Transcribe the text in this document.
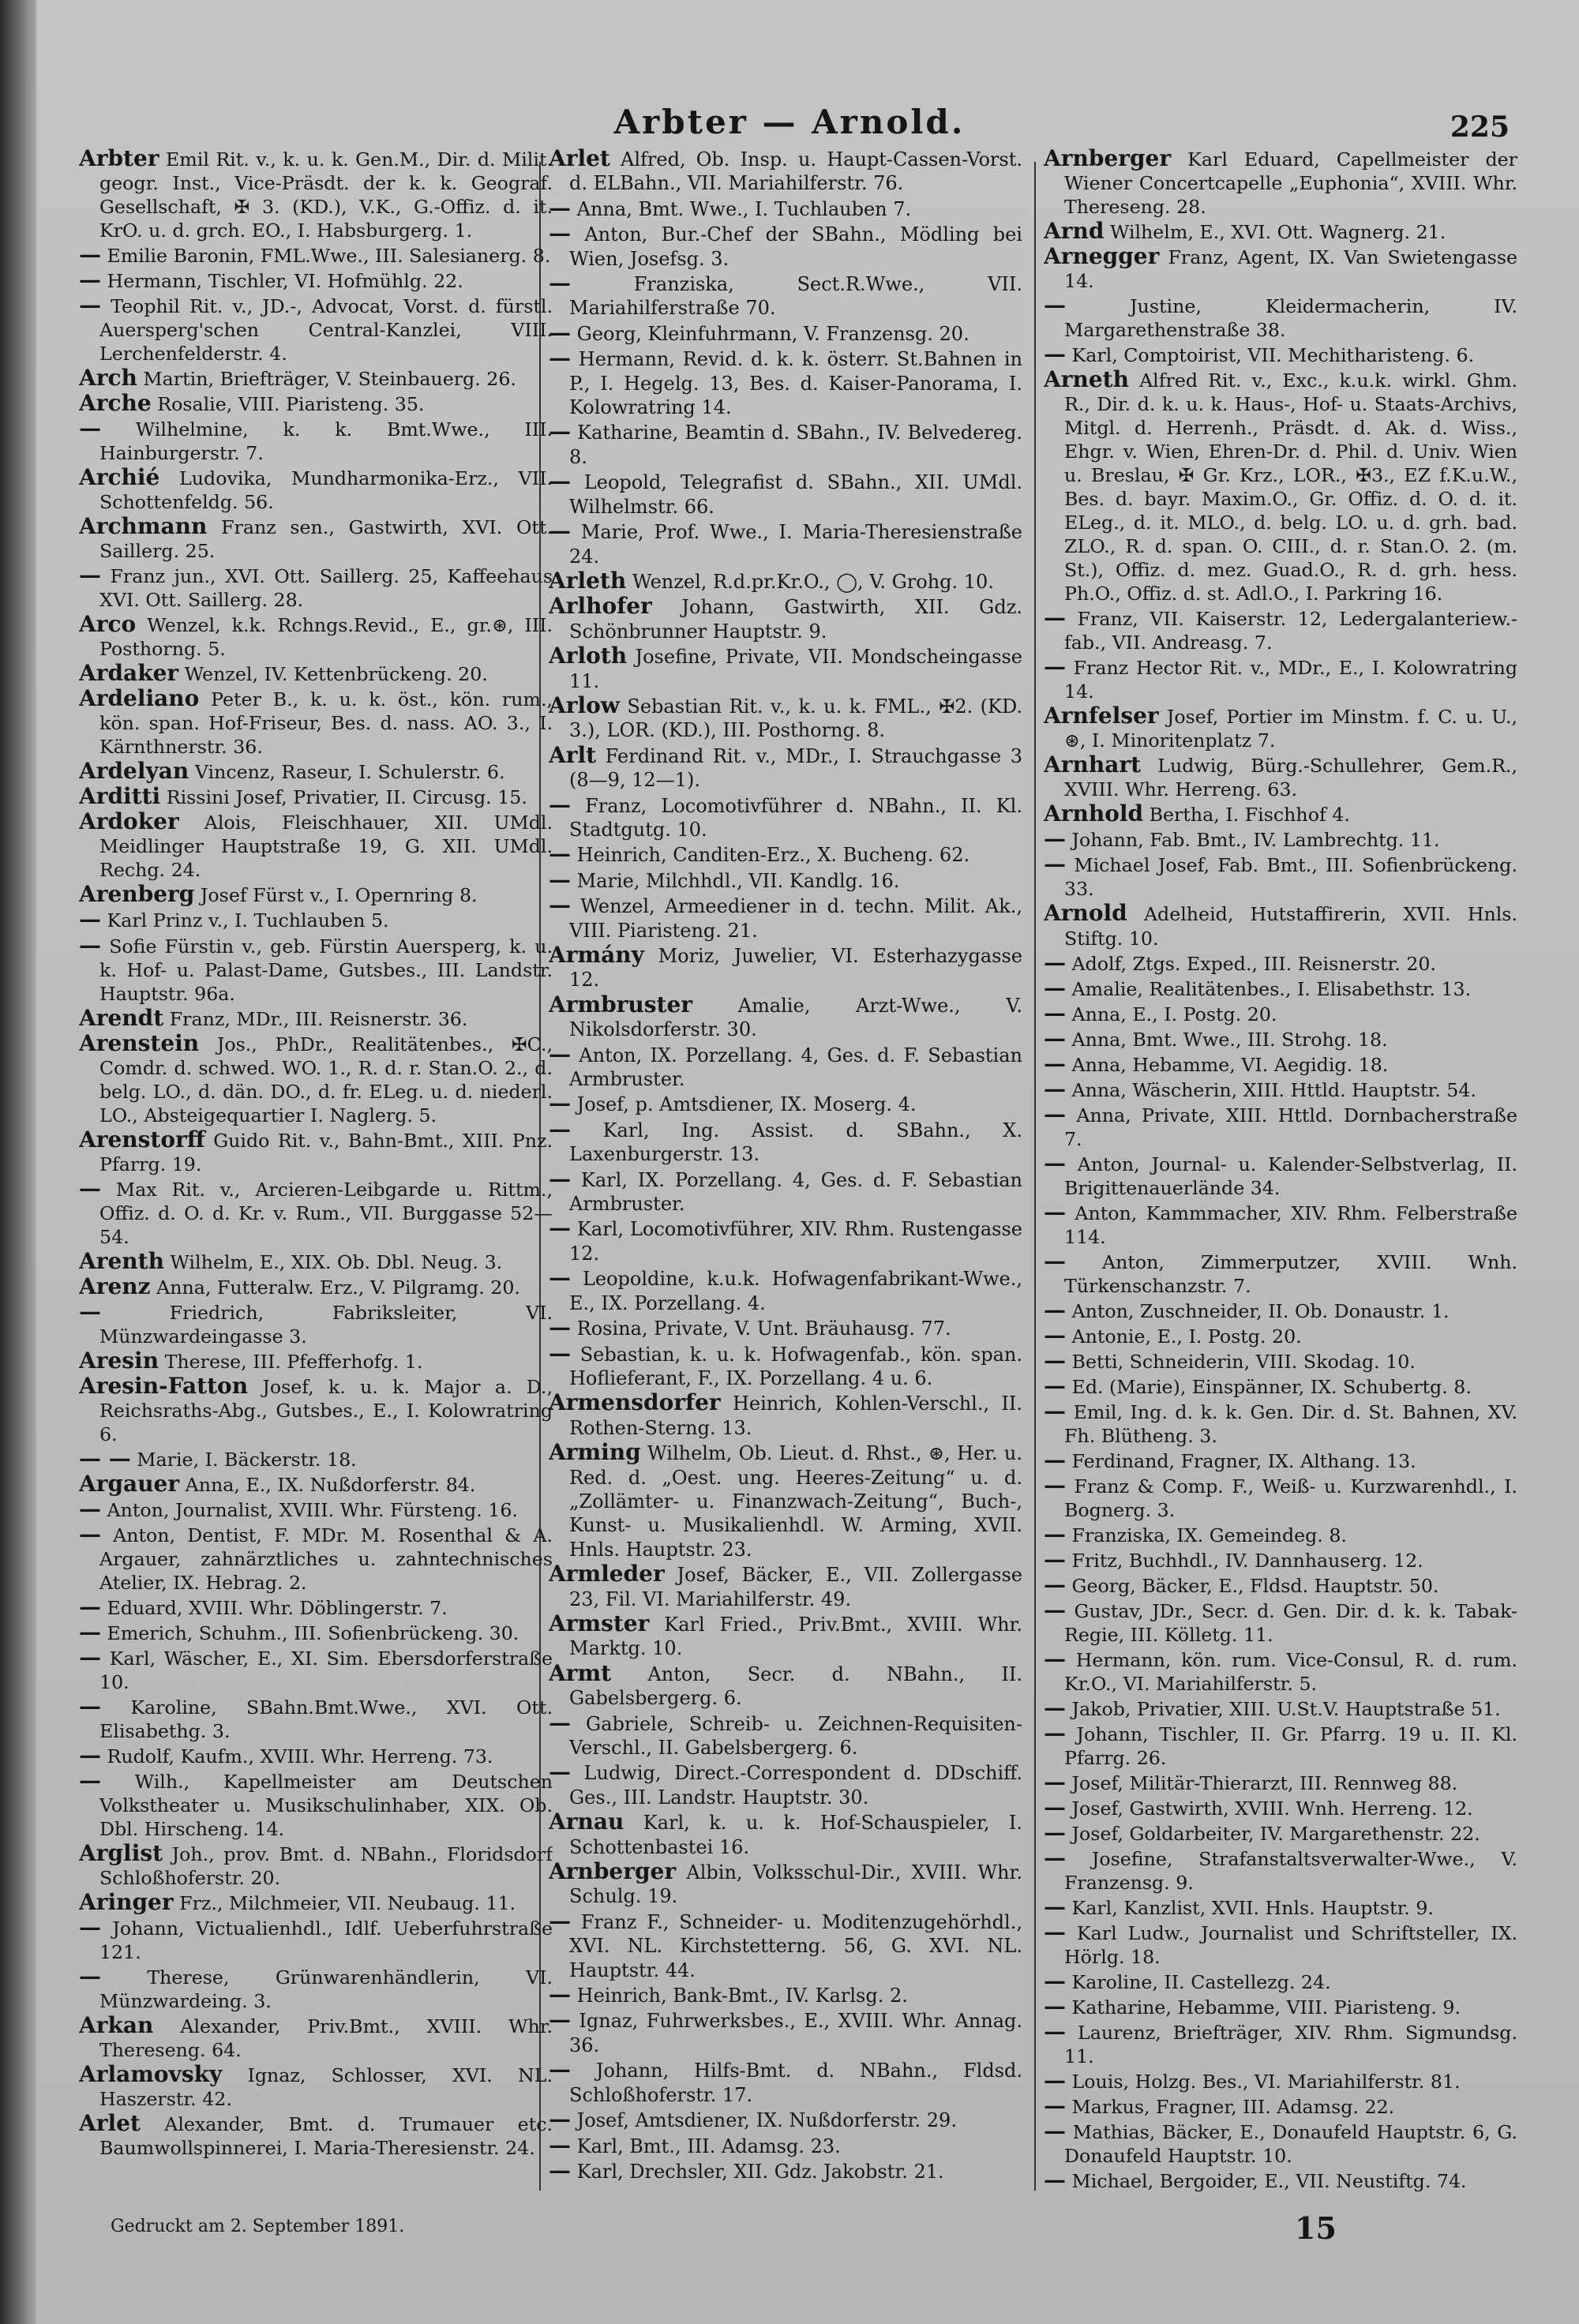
Arbter — Arnold.	225
Arbter Emil Rit. v., k. u. k. Gen.M., Dir. d. Milit. geogr. Inst., Vice-Präsdt. der k. k. Geograf. Gesellschaft, ✠ 3. (KD.), V.K., G.-Offiz. d. it. KrO. u. d. grch. EO., I. Habsburgerg. 1.
— Emilie Baronin, FML.Wwe., III. Salesianerg. 8.
— Hermann, Tischler, VI. Hofmühlg. 22.
— Teophil Rit. v., JD.-, Advocat, Vorst. d. fürstl. Auersperg'schen Central-Kanzlei, VIII. Lerchenfelderstr. 4.
Arch Martin, Briefträger, V. Steinbauerg. 26.
Arche Rosalie, VIII. Piaristeng. 35.
— Wilhelmine, k. k. Bmt.Wwe., III. Hainburgerstr. 7.
Archié Ludovika, Mundharmonika-Erz., VII. Schottenfeldg. 56.
Archmann Franz sen., Gastwirth, XVI. Ott. Saillerg. 25.
— Franz jun., XVI. Ott. Saillerg. 25, Kaffeehaus XVI. Ott. Saillerg. 28.
Arco Wenzel, k.k. Rchngs.Revid., E., gr.⊛, III. Posthorng. 5.
Ardaker Wenzel, IV. Kettenbrückeng. 20.
Ardeliano Peter B., k. u. k. öst., kön. rum., kön. span. Hof-Friseur, Bes. d. nass. AO. 3., I. Kärnthnerstr. 36.
Ardelyan Vincenz, Raseur, I. Schulerstr. 6.
Arditti Rissini Josef, Privatier, II. Circusg. 15.
Ardoker Alois, Fleischhauer, XII. UMdl. Meidlinger Hauptstraße 19, G. XII. UMdl. Rechg. 24.
Arenberg Josef Fürst v., I. Opernring 8.
— Karl Prinz v., I. Tuchlauben 5.
— Sofie Fürstin v., geb. Fürstin Auersperg, k. u. k. Hof- u. Palast-Dame, Gutsbes., III. Landstr. Hauptstr. 96a.
Arendt Franz, MDr., III. Reisnerstr. 36.
Arenstein Jos., PhDr., Realitätenbes., ✠C., Comdr. d. schwed. WO. 1., R. d. r. Stan.O. 2., d. belg. LO., d. dän. DO., d. fr. ELeg. u. d. niederl. LO., Absteigequartier I. Naglerg. 5.
Arenstorff Guido Rit. v., Bahn-Bmt., XIII. Pnz. Pfarrg. 19.
— Max Rit. v., Arcieren-Leibgarde u. Rittm., Offiz. d. O. d. Kr. v. Rum., VII. Burggasse 52—54.
Arenth Wilhelm, E., XIX. Ob. Dbl. Neug. 3.
Arenz Anna, Futteralw. Erz., V. Pilgramg. 20.
—	Friedrich, Fabriksleiter, VI. Münzwardeingasse 3.
Aresin Therese, III. Pfefferhofg. 1.
Aresin-Fatton Josef, k. u. k. Major a. D., Reichsraths-Abg., Gutsbes., E., I. Kolowratring 6.
— — Marie, I. Bäckerstr. 18.
Argauer Anna, E., IX. Nußdorferstr. 84.
— Anton, Journalist, XVIII. Whr. Fürsteng. 16.
— Anton, Dentist, F. MDr. M. Rosenthal & A. Argauer, zahnärztliches u. zahntechnisches Atelier, IX. Hebrag. 2.
— Eduard, XVIII. Whr. Döblingerstr. 7.
— Emerich, Schuhm., III. Sofienbrückeng. 30.
— Karl, Wäscher, E., XI. Sim. Ebersdorferstraße 10.
— Karoline, SBahn.Bmt.Wwe., XVI. Ott. Elisabethg. 3.
— Rudolf, Kaufm., XVIII. Whr. Herreng. 73.
— Wilh., Kapellmeister am Deutschen Volkstheater u. Musikschulinhaber, XIX. Ob. Dbl. Hirscheng. 14.
Arglist Joh., prov. Bmt. d. NBahn., Floridsdorf Schloßhoferstr. 20.
Aringer Frz., Milchmeier, VII. Neubaug. 11.
— Johann, Victualienhdl., Idlf. Ueberfuhrstraße 121.
— Therese, Grünwarenhändlerin, VI. Münzwardeing. 3.
Arkan Alexander, Priv.Bmt., XVIII. Whr. Thereseng. 64.
Arlamovsky Ignaz, Schlosser, XVI. NL. Haszerstr. 42.
Arlet Alexander, Bmt. d. Trumauer etc. Baumwollspinnerei, I. Maria-Theresienstr. 24.
Arlet Alfred, Ob. Insp. u. Haupt-Cassen-Vorst. d. ELBahn., VII. Mariahilferstr. 76.
— Anna, Bmt. Wwe., I. Tuchlauben 7.
— Anton, Bur.-Chef der SBahn., Mödling bei Wien, Josefsg. 3.
—	Franziska, Sect.R.Wwe., VII. Mariahilferstraße 70.
— Georg, Kleinfuhrmann, V. Franzensg. 20.
— Hermann, Revid. d. k. k. österr. St.Bahnen in P., I. Hegelg. 13, Bes. d. Kaiser-Panorama, I. Kolowratring 14.
— Katharine, Beamtin d. SBahn., IV. Belvedereg. 8.
— Leopold, Telegrafist d. SBahn., XII. UMdl. Wilhelmstr. 66.
— Marie, Prof. Wwe., I. Maria-Theresienstraße 24.
Arleth Wenzel, R.d.pr.Kr.O., ◯, V. Grohg. 10.
Arlhofer Johann, Gastwirth, XII. Gdz. Schönbrunner Hauptstr. 9.
Arloth Josefine, Private, VII. Mondscheingasse 11.
Arlow Sebastian Rit. v., k. u. k. FML., ✠2. (KD. 3.), LOR. (KD.), III. Posthorng. 8.
Arlt Ferdinand Rit. v., MDr., I. Strauchgasse 3 (8—9, 12—1).
— Franz, Locomotivführer d. NBahn., II. Kl. Stadtgutg. 10.
— Heinrich, Canditen-Erz., X. Bucheng. 62.
— Marie, Milchhdl., VII. Kandlg. 16.
— Wenzel, Armeediener in d. techn. Milit. Ak., VIII. Piaristeng. 21.
Armány Moriz, Juwelier, VI. Esterhazygasse 12.
Armbruster Amalie, Arzt-Wwe., V. Nikolsdorferstr. 30.
— Anton, IX. Porzellang. 4, Ges. d. F. Sebastian Armbruster.
— Josef, p. Amtsdiener, IX. Moserg. 4.
— Karl, Ing. Assist. d. SBahn., X. Laxenburgerstr. 13.
— Karl, IX. Porzellang. 4, Ges. d. F. Sebastian Armbruster.
— Karl, Locomotivführer, XIV. Rhm. Rustengasse 12.
— Leopoldine, k.u.k. Hofwagenfabrikant-Wwe., E., IX. Porzellang. 4.
— Rosina, Private, V. Unt. Bräuhausg. 77.
— Sebastian, k. u. k. Hofwagenfab., kön. span. Hoflieferant, F., IX. Porzellang. 4 u. 6.
Armensdorfer Heinrich, Kohlen-Verschl., II. Rothen-Sterng. 13.
Arming Wilhelm, Ob. Lieut. d. Rhst., ⊛, Her. u. Red. d. „Oest. ung. Heeres-Zeitung“ u. d. „Zollämter- u. Finanzwach-Zeitung“, Buch-, Kunst- u. Musikalienhdl. W. Arming, XVII. Hnls. Hauptstr. 23.
Armleder Josef, Bäcker, E., VII. Zollergasse 23, Fil. VI. Mariahilferstr. 49.
Armster Karl Fried., Priv.Bmt., XVIII. Whr. Marktg. 10.
Armt Anton, Secr. d. NBahn., II. Gabelsbergerg. 6.
— Gabriele, Schreib- u. Zeichnen-Requisiten-Verschl., II. Gabelsbergerg. 6.
— Ludwig, Direct.-Correspondent d. DDschiff. Ges., III. Landstr. Hauptstr. 30.
Arnau Karl, k. u. k. Hof-Schauspieler, I. Schottenbastei 16.
Arnberger Albin, Volksschul-Dir., XVIII. Whr. Schulg. 19.
— Franz F., Schneider- u. Moditenzugehörhdl., XVI. NL. Kirchstetterng. 56, G. XVI. NL. Hauptstr. 44.
— Heinrich, Bank-Bmt., IV. Karlsg. 2.
— Ignaz, Fuhrwerksbes., E., XVIII. Whr. Annag. 36.
— Johann, Hilfs-Bmt. d. NBahn., Fldsd. Schloßhoferstr. 17.
— Josef, Amtsdiener, IX. Nußdorferstr. 29.
— Karl, Bmt., III. Adamsg. 23.
— Karl, Drechsler, XII. Gdz. Jakobstr. 21.
Arnberger Karl Eduard, Capellmeister der Wiener Concertcapelle „Euphonia“, XVIII. Whr. Thereseng. 28.
Arnd Wilhelm, E., XVI. Ott. Wagnerg. 21.
Arnegger Franz, Agent, IX. Van Swietengasse 14.
—	Justine, Kleidermacherin, IV. Margarethenstraße 38.
— Karl, Comptoirist, VII. Mechitharisteng. 6.
Arneth Alfred Rit. v., Exc., k.u.k. wirkl. Ghm. R., Dir. d. k. u. k. Haus-, Hof- u. Staats-Archivs, Mitgl. d. Herrenh., Präsdt. d. Ak. d. Wiss., Ehgr. v. Wien, Ehren-Dr. d. Phil. d. Univ. Wien u. Breslau, ✠ Gr. Krz., LOR., ✠3., EZ f.K.u.W., Bes. d. bayr. Maxim.O., Gr. Offiz. d. O. d. it. ELeg., d. it. MLO., d. belg. LO. u. d. grh. bad. ZLO., R. d. span. O. CIII., d. r. Stan.O. 2. (m. St.), Offiz. d. mez. Guad.O., R. d. grh. hess. Ph.O., Offiz. d. st. Adl.O., I. Parkring 16.
— Franz, VII. Kaiserstr. 12, Ledergalanteriew.-fab., VII. Andreasg. 7.
— Franz Hector Rit. v., MDr., E., I. Kolowratring 14.
Arnfelser Josef, Portier im Minstm. f. C. u. U., ⊛, I. Minoritenplatz 7.
Arnhart Ludwig, Bürg.-Schullehrer, Gem.R., XVIII. Whr. Herreng. 63.
Arnhold Bertha, I. Fischhof 4.
— Johann, Fab. Bmt., IV. Lambrechtg. 11.
— Michael Josef, Fab. Bmt., III. Sofienbrückeng. 33.
Arnold Adelheid, Hutstaffirerin, XVII. Hnls. Stiftg. 10.
— Adolf, Ztgs. Exped., III. Reisnerstr. 20.
— Amalie, Realitätenbes., I. Elisabethstr. 13.
— Anna, E., I. Postg. 20.
— Anna, Bmt. Wwe., III. Strohg. 18.
— Anna, Hebamme, VI. Aegidig. 18.
— Anna, Wäscherin, XIII. Httld. Hauptstr. 54.
— Anna, Private, XIII. Httld. Dornbacherstraße 7.
— Anton, Journal- u. Kalender-Selbstverlag, II. Brigittenauerlände 34.
— Anton, Kammmacher, XIV. Rhm. Felberstraße 114.
— Anton, Zimmerputzer, XVIII. Wnh. Türkenschanzstr. 7.
— Anton, Zuschneider, II. Ob. Donaustr. 1.
— Antonie, E., I. Postg. 20.
— Betti, Schneiderin, VIII. Skodag. 10.
— Ed. (Marie), Einspänner, IX. Schubertg. 8.
— Emil, Ing. d. k. k. Gen. Dir. d. St. Bahnen, XV. Fh. Blütheng. 3.
— Ferdinand, Fragner, IX. Althang. 13.
— Franz & Comp. F., Weiß- u. Kurzwarenhdl., I. Bognerg. 3.
— Franziska, IX. Gemeindeg. 8.
— Fritz, Buchhdl., IV. Dannhauserg. 12.
— Georg, Bäcker, E., Fldsd. Hauptstr. 50.
— Gustav, JDr., Secr. d. Gen. Dir. d. k. k. Tabak-Regie, III. Kölletg. 11.
— Hermann, kön. rum. Vice-Consul, R. d. rum. Kr.O., VI. Mariahilferstr. 5.
— Jakob, Privatier, XIII. U.St.V. Hauptstraße 51.
— Johann, Tischler, II. Gr. Pfarrg. 19 u. II. Kl. Pfarrg. 26.
— Josef, Militär-Thierarzt, III. Rennweg 88.
— Josef, Gastwirth, XVIII. Wnh. Herreng. 12.
— Josef, Goldarbeiter, IV. Margarethenstr. 22.
— Josefine, Strafanstaltsverwalter-Wwe., V. Franzensg. 9.
— Karl, Kanzlist, XVII. Hnls. Hauptstr. 9.
— Karl Ludw., Journalist und Schriftsteller, IX. Hörlg. 18.
— Karoline, II. Castellezg. 24.
— Katharine, Hebamme, VIII. Piaristeng. 9.
— Laurenz, Briefträger, XIV. Rhm. Sigmundsg. 11.
— Louis, Holzg. Bes., VI. Mariahilferstr. 81.
— Markus, Fragner, III. Adamsg. 22.
— Mathias, Bäcker, E., Donaufeld Hauptstr. 6, G. Donaufeld Hauptstr. 10.
— Michael, Bergoider, E., VII. Neustiftg. 74.
Gedruckt am 2. September 1891.	15
